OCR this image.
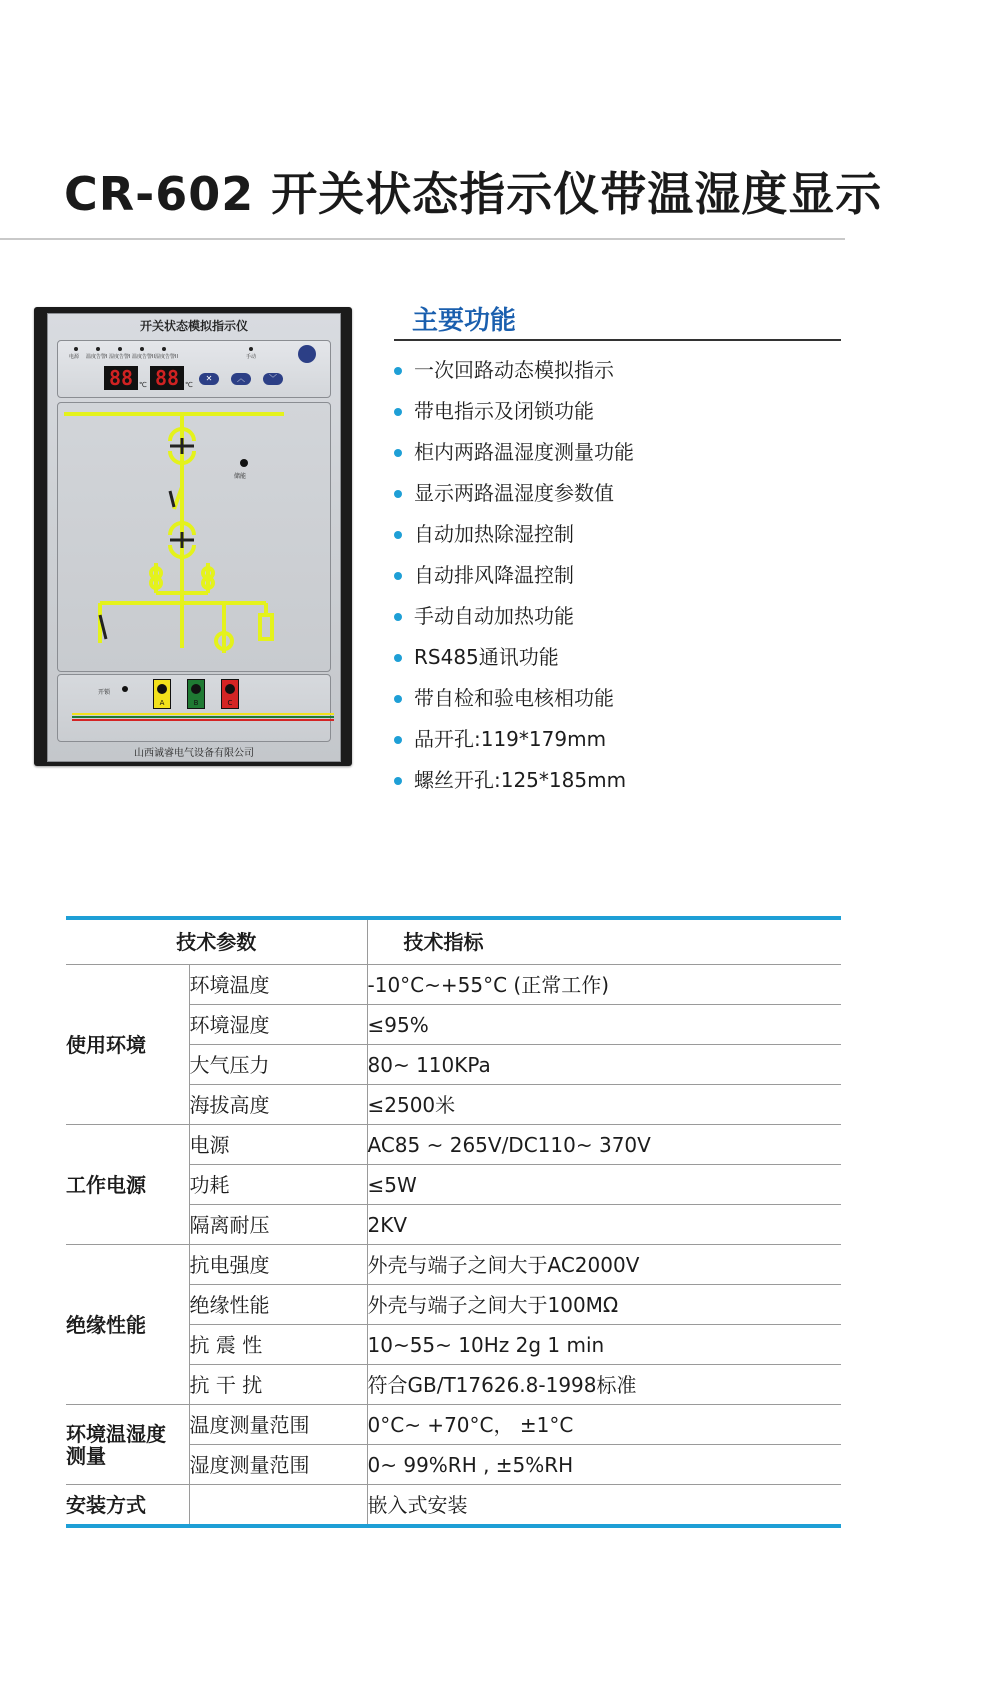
CR-602 开关状态指示仪带温湿度显示
开关状态模拟指示仪
电源 温度告警I 湿度告警I 温度告警II 湿度告警II	手动
88 ℃ 88 ℃
✕	︿	﹀
储能
开锁
A	B	C
山西诚睿电气设备有限公司
主要功能
一次回路动态模拟指示
带电指示及闭锁功能
柜内两路温湿度测量功能
显示两路温湿度参数值
自动加热除湿控制
自动排风降温控制
手动自动加热功能
RS485通讯功能
带自检和验电核相功能
品开孔:119*179mm
螺丝开孔:125*185mm
技术参数		技术指标
使用环境	环境温度	-10°C~+55°C (正常工作)
	环境湿度	≤95%
	大气压力	80~ 110KPa
	海拔高度	≤2500米
工作电源	电源	AC85 ~ 265V/DC110~ 370V
	功耗	≤5W
	隔离耐压	2KV
绝缘性能	抗电强度	外壳与端子之间大于AC2000V
	绝缘性能	外壳与端子之间大于100MΩ
	抗 震 性	10~55~ 10Hz 2g 1 min
	抗 干 扰	符合GB/T17626.8-1998标准
环境温湿度
测量	温度测量范围	0°C~ +70°C， ±1°C
	湿度测量范围	0~ 99%RH , ±5%RH
安装方式		嵌入式安装
